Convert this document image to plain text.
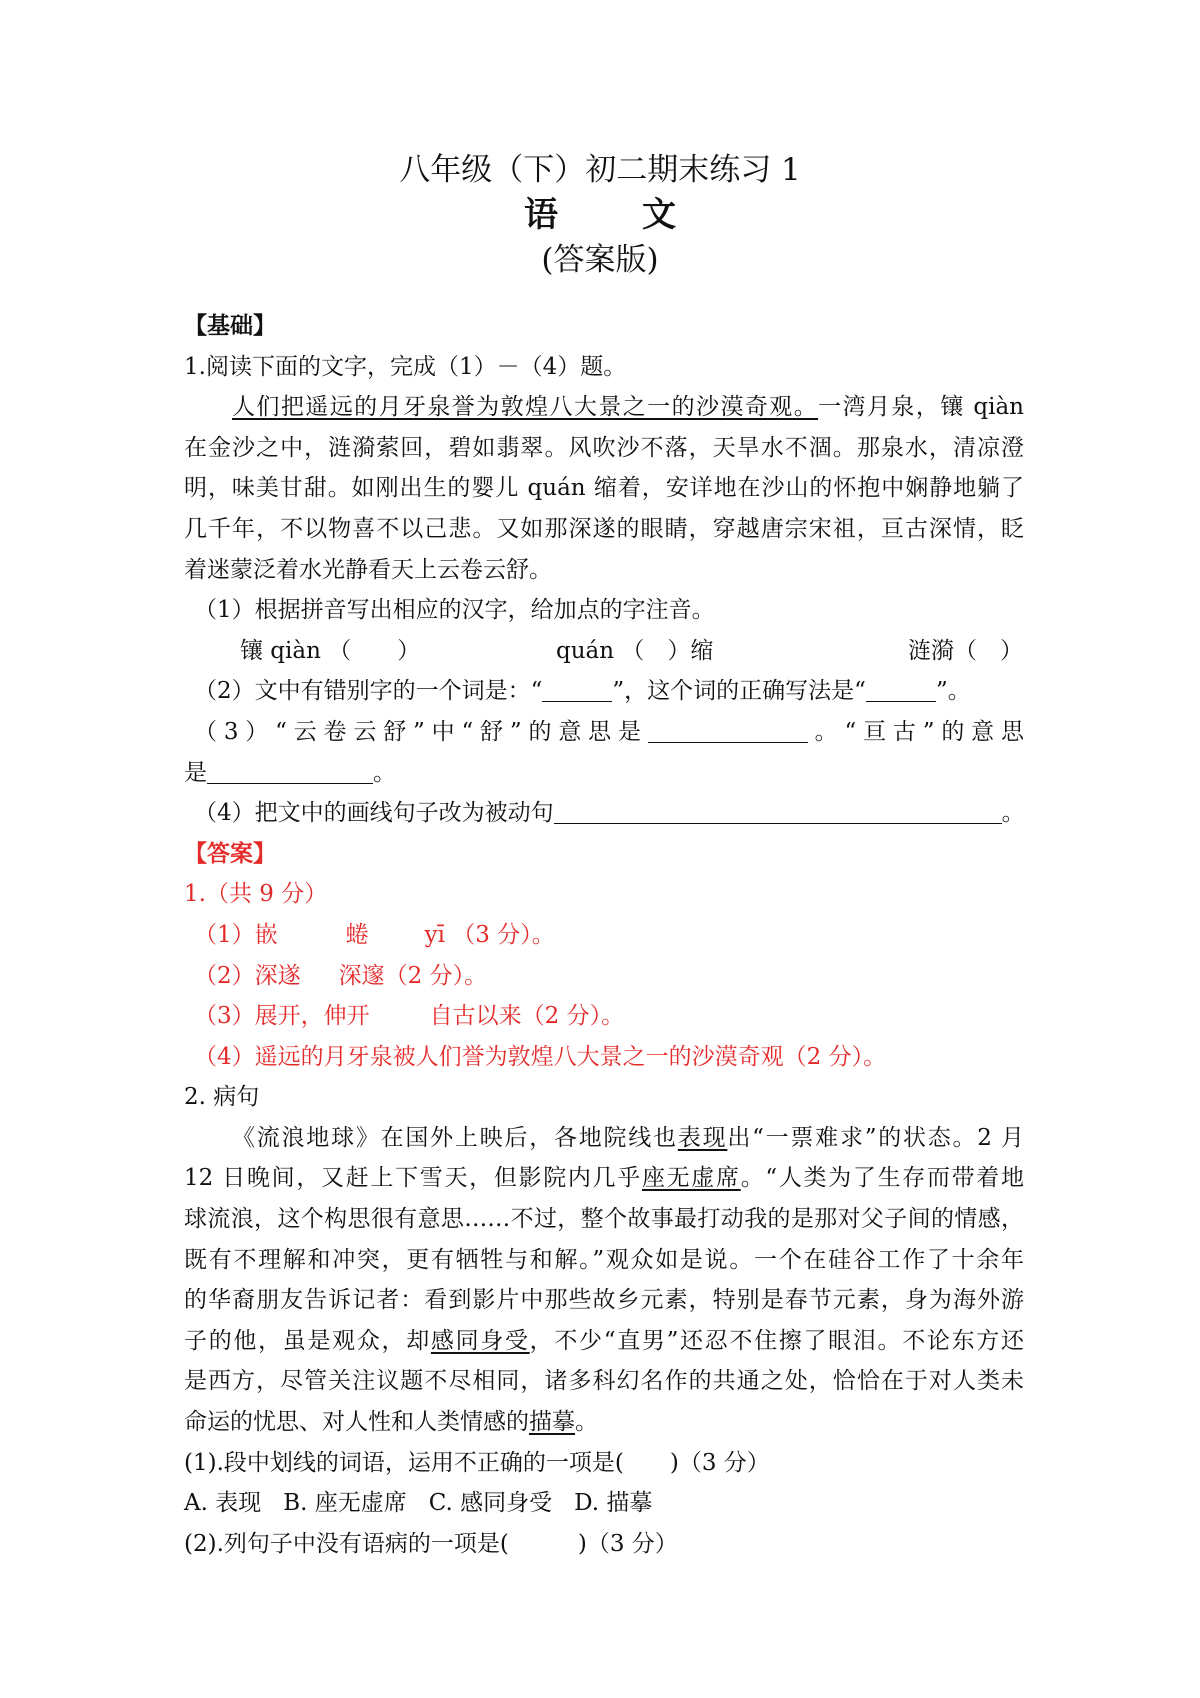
八年级（下）初二期末练习 1
语 文
(答案版)
【基础】
1.阅读下面的文字，完成（1）－（4）题。
人们把遥远的月牙泉誉为敦煌八大景之一的沙漠奇观。一湾月泉，镶 qiàn
在金沙之中，涟漪萦回，碧如翡翠。风吹沙不落，天旱水不涸。那泉水，清凉澄
明，味美甘甜。如刚出生的婴儿 quán 缩着，安详地在沙山的怀抱中娴静地躺了
几千年，不以物喜不以己悲。又如那深遂的眼睛，穿越唐宗宋祖，亘古深情，眨
着迷蒙泛着水光静看天上云卷云舒。
（1）根据拼音写出相应的汉字，给加点的字注音。
镶 qiàn （　　）	quán （　）缩	涟漪（　）
（2）文中有错别字的一个词是：“	”，这个词的正确写法是“	”。
（3）“云卷云舒”中“舒”的意思是	。“亘古”的意思
是	。
（4）把文中的画线句子改为被动句	。
【答案】
1.（共 9 分）
（1）嵌	蜷 yī （3 分）。
（2）深遂 深邃（2 分）。
（3）展开，伸开	自古以来（2 分）。
（4）遥远的月牙泉被人们誉为敦煌八大景之一的沙漠奇观（2 分）。
2. 病句
《流浪地球》在国外上映后，各地院线也表现出“一票难求”的状态。2 月
12 日晚间，又赶上下雪天，但影院内几乎座无虚席。“人类为了生存而带着地
球流浪，这个构思很有意思……不过，整个故事最打动我的是那对父子间的情感，
既有不理解和冲突，更有牺牲与和解。”观众如是说。一个在硅谷工作了十余年
的华裔朋友告诉记者：看到影片中那些故乡元素，特别是春节元素，身为海外游
子的他，虽是观众，却感同身受，不少“直男”还忍不住擦了眼泪。不论东方还
是西方，尽管关注议题不尽相同，诸多科幻名作的共通之处，恰恰在于对人类未
命运的忧思、对人性和人类情感的描摹。
(1).段中划线的词语，运用不正确的一项是(　　)（3 分）
A. 表现 B. 座无虚席 C. 感同身受 D. 描摹
(2).列句子中没有语病的一项是(　　　)（3 分）
